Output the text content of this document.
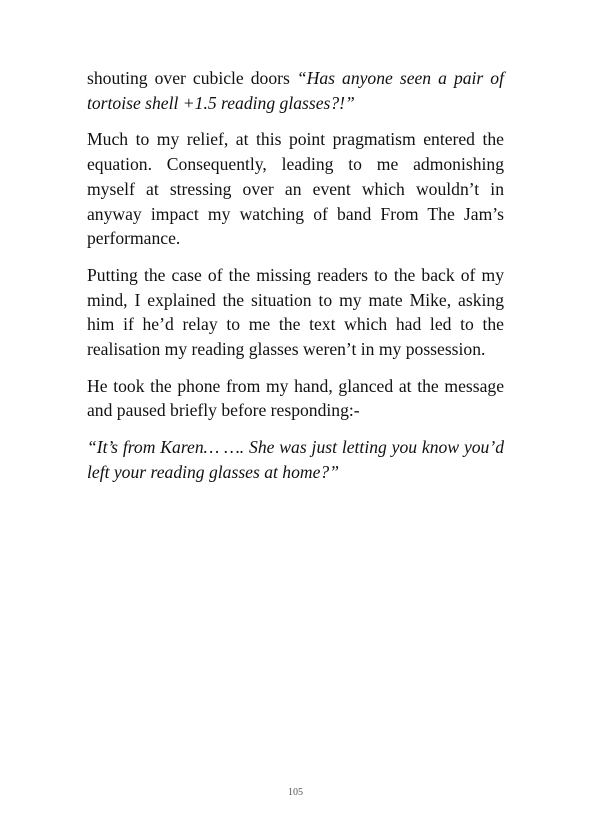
shouting over cubicle doors “Has anyone seen a pair of tortoise shell +1.5 reading glasses?!”

Much to my relief, at this point pragmatism entered the equation. Consequently, leading to me admonishing myself at stressing over an event which wouldn’t in anyway impact my watching of band From The Jam’s performance.

Putting the case of the missing readers to the back of my mind, I explained the situation to my mate Mike, asking him if he’d relay to me the text which had led to the realisation my reading glasses weren’t in my possession.

He took the phone from my hand, glanced at the message and paused briefly before responding:-

“It’s from Karen… …. She was just letting you know you’d left your reading glasses at home?”

105
